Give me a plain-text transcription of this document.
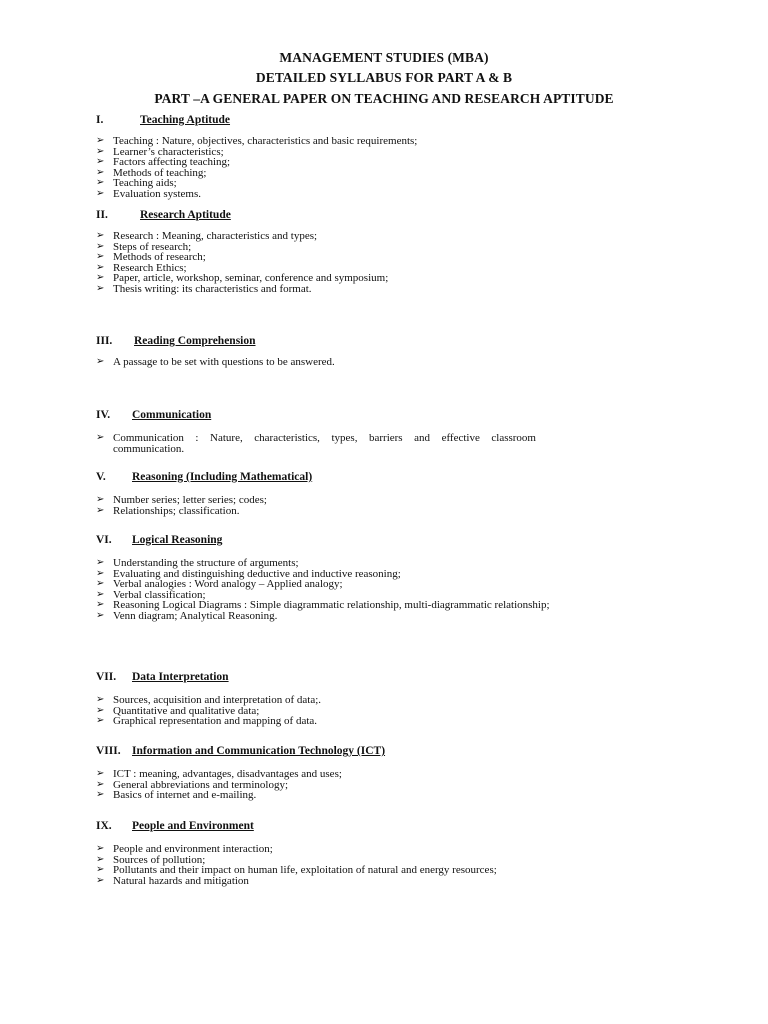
MANAGEMENT STUDIES (MBA)
DETAILED SYLLABUS FOR PART A & B
PART –A GENERAL PAPER ON TEACHING AND RESEARCH APTITUDE
I.	Teaching Aptitude
➢ Teaching : Nature, objectives, characteristics and basic requirements;
➢ Learner’s characteristics;
➢ Factors affecting teaching;
➢ Methods of teaching;
➢ Teaching aids;
➢ Evaluation systems.
II.	Research Aptitude
➢ Research : Meaning, characteristics and types;
➢ Steps of research;
➢ Methods of research;
➢ Research Ethics;
➢ Paper, article, workshop, seminar, conference and symposium;
➢ Thesis writing: its characteristics and format.
III. Reading Comprehension
➢ A passage to be set with questions to be answered.
IV. Communication
➢ Communication : Nature, characteristics, types, barriers and effective classroom communication.
V. Reasoning (Including Mathematical)
➢ Number series; letter series; codes;
➢ Relationships; classification.
VI. Logical Reasoning
➢ Understanding the structure of arguments;
➢ Evaluating and distinguishing deductive and inductive reasoning;
➢ Verbal analogies : Word analogy – Applied analogy;
➢ Verbal classification;
➢ Reasoning Logical Diagrams : Simple diagrammatic relationship, multi-diagrammatic relationship;
➢ Venn diagram; Analytical Reasoning.
VII. Data Interpretation
➢ Sources, acquisition and interpretation of data;.
➢ Quantitative and qualitative data;
➢ Graphical representation and mapping of data.
VIII. Information and Communication Technology (ICT)
➢ ICT : meaning, advantages, disadvantages and uses;
➢ General abbreviations and terminology;
➢ Basics of internet and e-mailing.
IX. People and Environment
➢ People and environment interaction;
➢ Sources of pollution;
➢ Pollutants and their impact on human life, exploitation of natural and energy resources;
➢ Natural hazards and mitigation
